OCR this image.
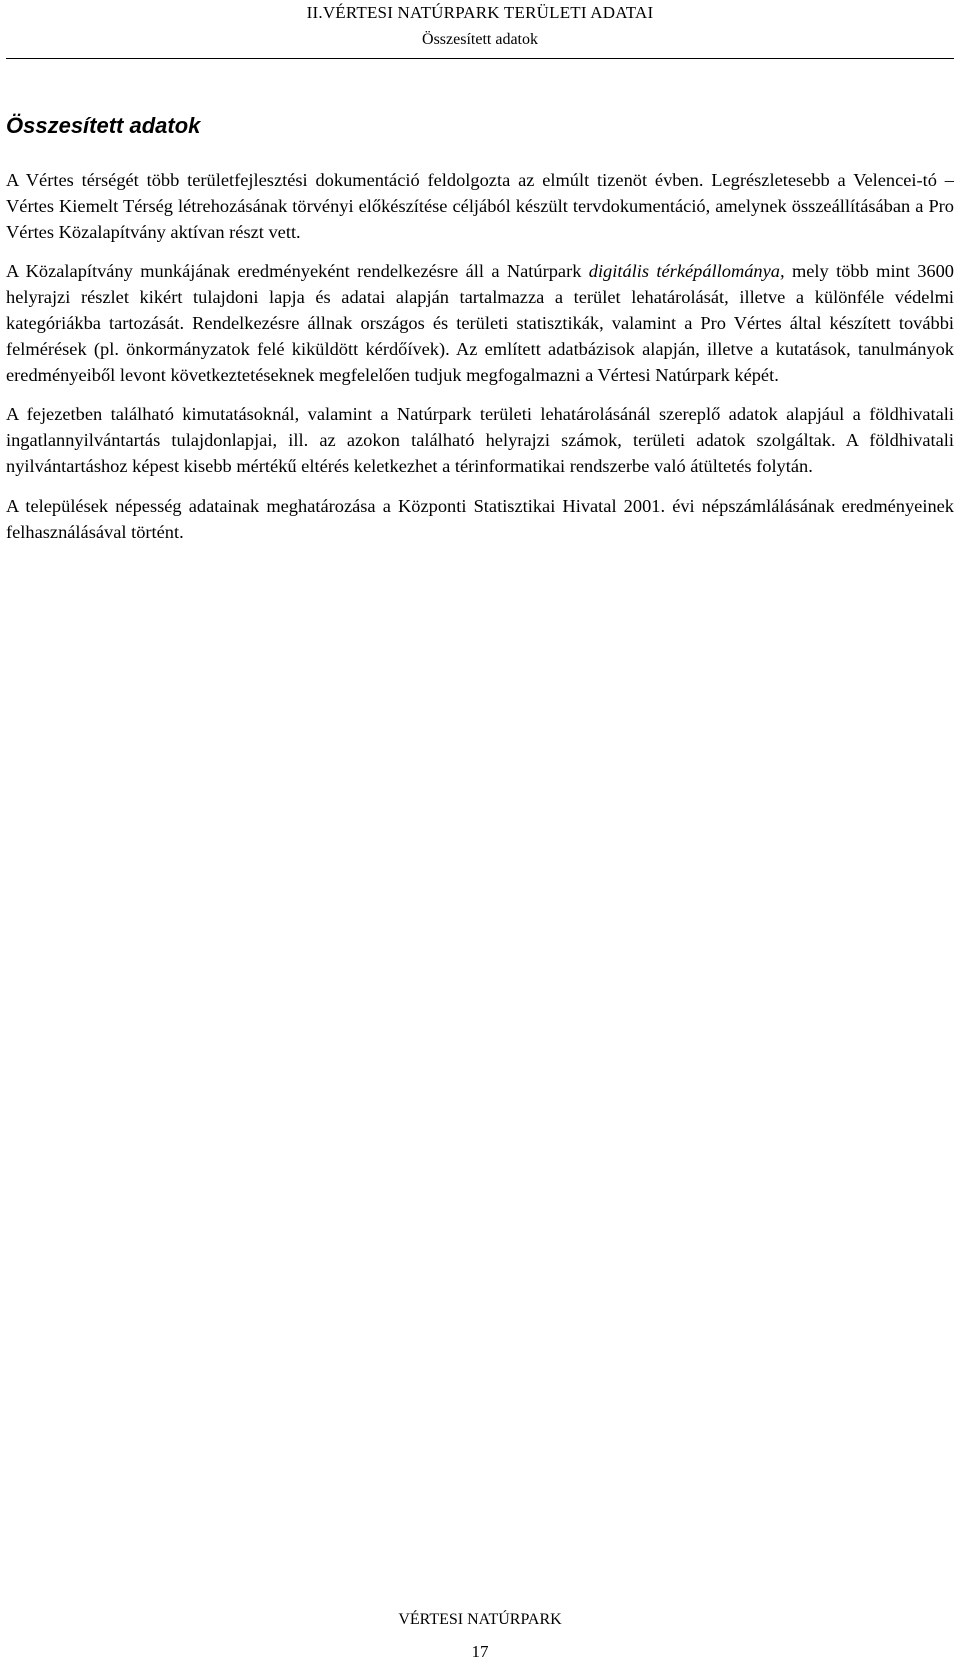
II.VÉRTESI NATÚRPARK TERÜLETI ADATAI
Összesített adatok
Összesített adatok

A Vértes térségét több területfejlesztési dokumentáció feldolgozta az elmúlt tizenöt évben. Legrészletesebb a Velencei-tó – Vértes Kiemelt Térség létrehozásának törvényi előkészítése céljából készült tervdokumentáció, amelynek összeállításában a Pro Vértes Közalapítvány aktívan részt vett.

A Közalapítvány munkájának eredményeként rendelkezésre áll a Natúrpark digitális térképállománya, mely több mint 3600 helyrajzi részlet kikért tulajdoni lapja és adatai alapján tartalmazza a terület lehatárolását, illetve a különféle védelmi kategóriákba tartozását. Rendelkezésre állnak országos és területi statisztikák, valamint a Pro Vértes által készített további felmérések (pl. önkormányzatok felé kiküldött kérdőívek). Az említett adatbázisok alapján, illetve a kutatások, tanulmányok eredményeiből levont következtetéseknek megfelelően tudjuk megfogalmazni a Vértesi Natúrpark képét.

A fejezetben található kimutatásoknál, valamint a Natúrpark területi lehatárolásánál szereplő adatok alapjául a földhivatali ingatlannyilvántartás tulajdonlapjai, ill. az azokon található helyrajzi számok, területi adatok szolgáltak. A földhivatali nyilvántartáshoz képest kisebb mértékű eltérés keletkezhet a térinformatikai rendszerbe való átültetés folytán.

A települések népesség adatainak meghatározása a Központi Statisztikai Hivatal 2001. évi népszámlálásának eredményeinek felhasználásával történt.

VÉRTESI NATÚRPARK
17
